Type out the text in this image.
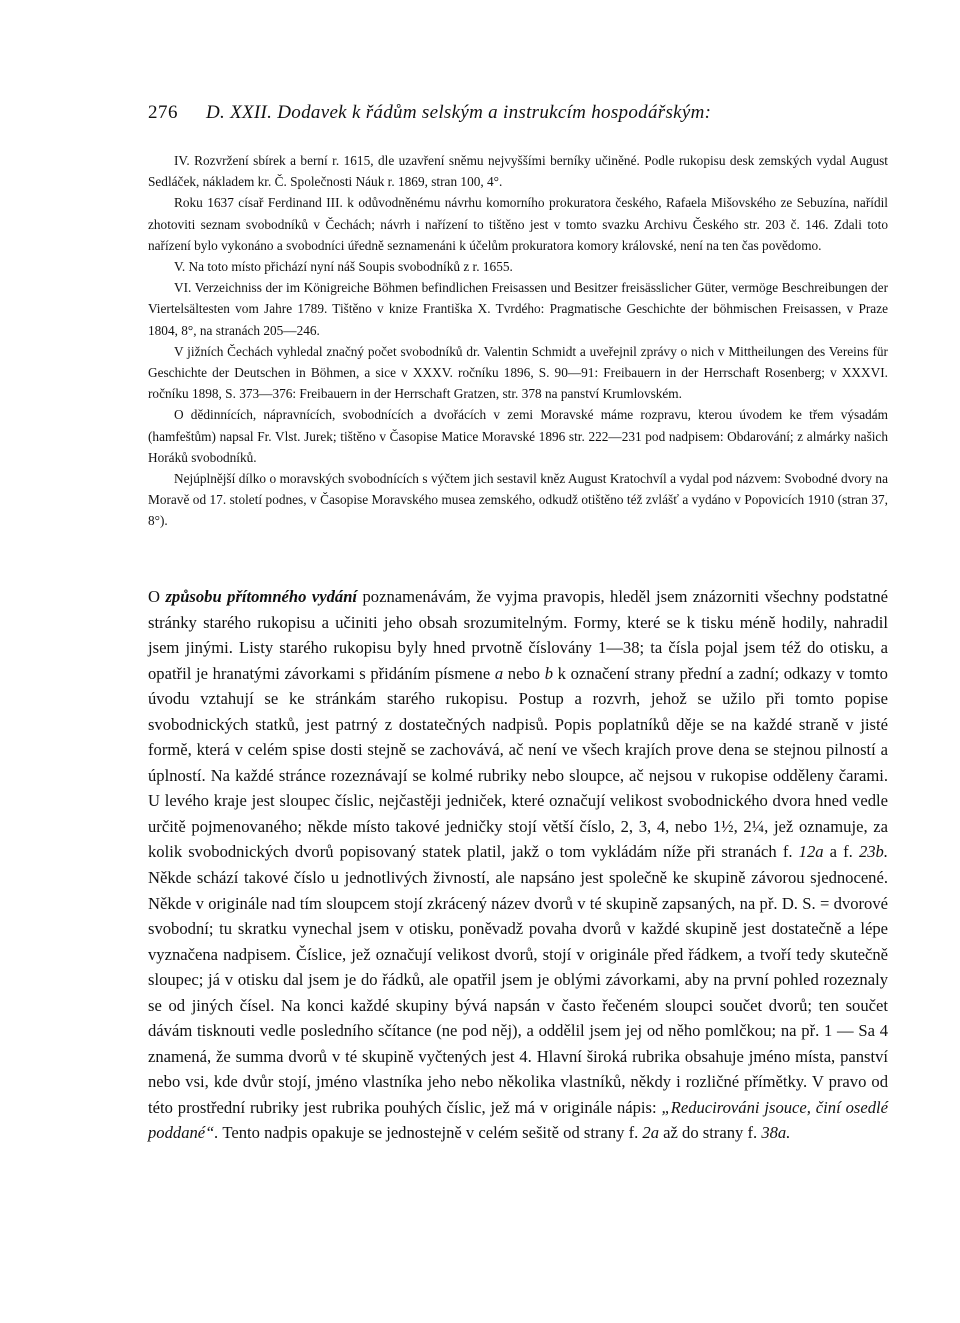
276 D. XXII. Dodavek k řádům selským a instrukcím hospodářským:

IV. Rozvržení sbírek a berní r. 1615, dle uzavření sněmu nejvyššími berníky učiněné. Podle rukopisu desk zemských vydal August Sedláček, nákladem kr. Č. Společnosti Náuk r. 1869, stran 100, 4°.

Roku 1637 císař Ferdinand III. k odůvodněnému návrhu komorního prokuratora českého, Rafaela Mišovského ze Sebuzína, nařídil zhotoviti seznam svobodníků v Čechách; návrh i nařízení to tištěno jest v tomto svazku Archivu Českého str. 203 č. 146. Zdali toto nařízení bylo vykonáno a svobodníci úředně seznamenáni k účelům prokuratora komory královské, není na ten čas povědomo.

V. Na toto místo přichází nyní náš Soupis svobodníků z r. 1655.

VI. Verzeichniss der im Königreiche Böhmen befindlichen Freisassen und Besitzer freisässlicher Güter, vermöge Beschreibungen der Viertelsältesten vom Jahre 1789. Tištěno v knize Františka X. Tvrdého: Pragmatische Geschichte der böhmischen Freisassen, v Praze 1804, 8°, na stranách 205—246.

V jižních Čechách vyhledal značný počet svobodníků dr. Valentin Schmidt a uveřejnil zprávy o nich v Mittheilungen des Vereins für Geschichte der Deutschen in Böhmen, a sice v XXXV. ročníku 1896, S. 90—91: Freibauern in der Herrschaft Rosenberg; v XXXVI. ročníku 1898, S. 373—376: Freibauern in der Herrschaft Gratzen, str. 378 na panství Krumlovském.

O dědinnících, nápravnících, svobodnících a dvořácích v zemi Moravské máme rozpravu, kterou úvodem ke třem výsadám (hamfeštům) napsal Fr. Vlst. Jurek; tištěno v Časopise Matice Moravské 1896 str. 222—231 pod nadpisem: Obdarování; z almárky našich Horáků svobodníků.

Nejúplnější dílko o moravských svobodnících s výčtem jich sestavil kněz August Kratochvíl a vydal pod názvem: Svobodné dvory na Moravě od 17. století podnes, v Časopise Moravského musea zemského, odkudž otištěno též zvlášť a vydáno v Popovicích 1910 (stran 37, 8°).

O způsobu přítomného vydání poznamenávám, že vyjma pravopis, hleděl jsem znázorniti všechny podstatné stránky starého rukopisu a učiniti jeho obsah srozumitelným. Formy, které se k tisku méně hodily, nahradil jsem jinými. Listy starého rukopisu byly hned prvotně číslovány 1—38; ta čísla pojal jsem též do otisku, a opatřil je hranatými závorkami s přidáním písmene a nebo b k označení strany přední a zadní; odkazy v tomto úvodu vztahují se ke stránkám starého rukopisu. Postup a rozvrh, jehož se užilo při tomto popise svobodnických statků, jest patrný z dostatečných nadpisů. Popis poplatníků děje se na každé straně v jisté formě, která v celém spise dosti stejně se zachovává, ač není ve všech krajích prove dena se stejnou pilností a úplností. Na každé stránce rozeznávají se kolmé rubriky nebo sloupce, ač nejsou v rukopise odděleny čarami. U levého kraje jest sloupec číslic, nejčastěji jedniček, které označují velikost svobodnického dvora hned vedle určitě pojmenovaného; někde místo takové jedničky stojí větší číslo, 2, 3, 4, nebo 1½, 2¼, jež oznamuje, za kolik svobodnických dvorů popisovaný statek platil, jakž o tom vykládám níže při stranách f. 12a a f. 23b. Někde schází takové číslo u jednotlivých živností, ale napsáno jest společně ke skupině závorou sjednocené. Někde v originále nad tím sloupcem stojí zkrácený název dvorů v té skupině zapsaných, na př. D. S. = dvorové svobodní; tu skratku vynechal jsem v otisku, poněvadž povaha dvorů v každé skupině jest dostatečně a lépe vyznačena nadpisem. Číslice, jež označují velikost dvorů, stojí v originále před řádkem, a tvoří tedy skutečně sloupec; já v otisku dal jsem je do řádků, ale opatřil jsem je oblými závorkami, aby na první pohled rozeznaly se od jiných čísel. Na konci každé skupiny bývá napsán v často řečeném sloupci součet dvorů; ten součet dávám tisknouti vedle posledního sčítance (ne pod něj), a oddělil jsem jej od něho pomlčkou; na př. 1 — Sa 4 znamená, že summa dvorů v té skupině vyčtených jest 4. Hlavní široká rubrika obsahuje jméno místa, panství nebo vsi, kde dvůr stojí, jméno vlastníka jeho nebo několika vlastníků, někdy i rozličné přímětky. V pravo od této prostřední rubriky jest rubrika pouhých číslic, jež má v originále nápis: „Reducirováni jsouce, činí osedlé poddané“. Tento nadpis opakuje se jednostejně v celém sešitě od strany f. 2a až do strany f. 38a.
